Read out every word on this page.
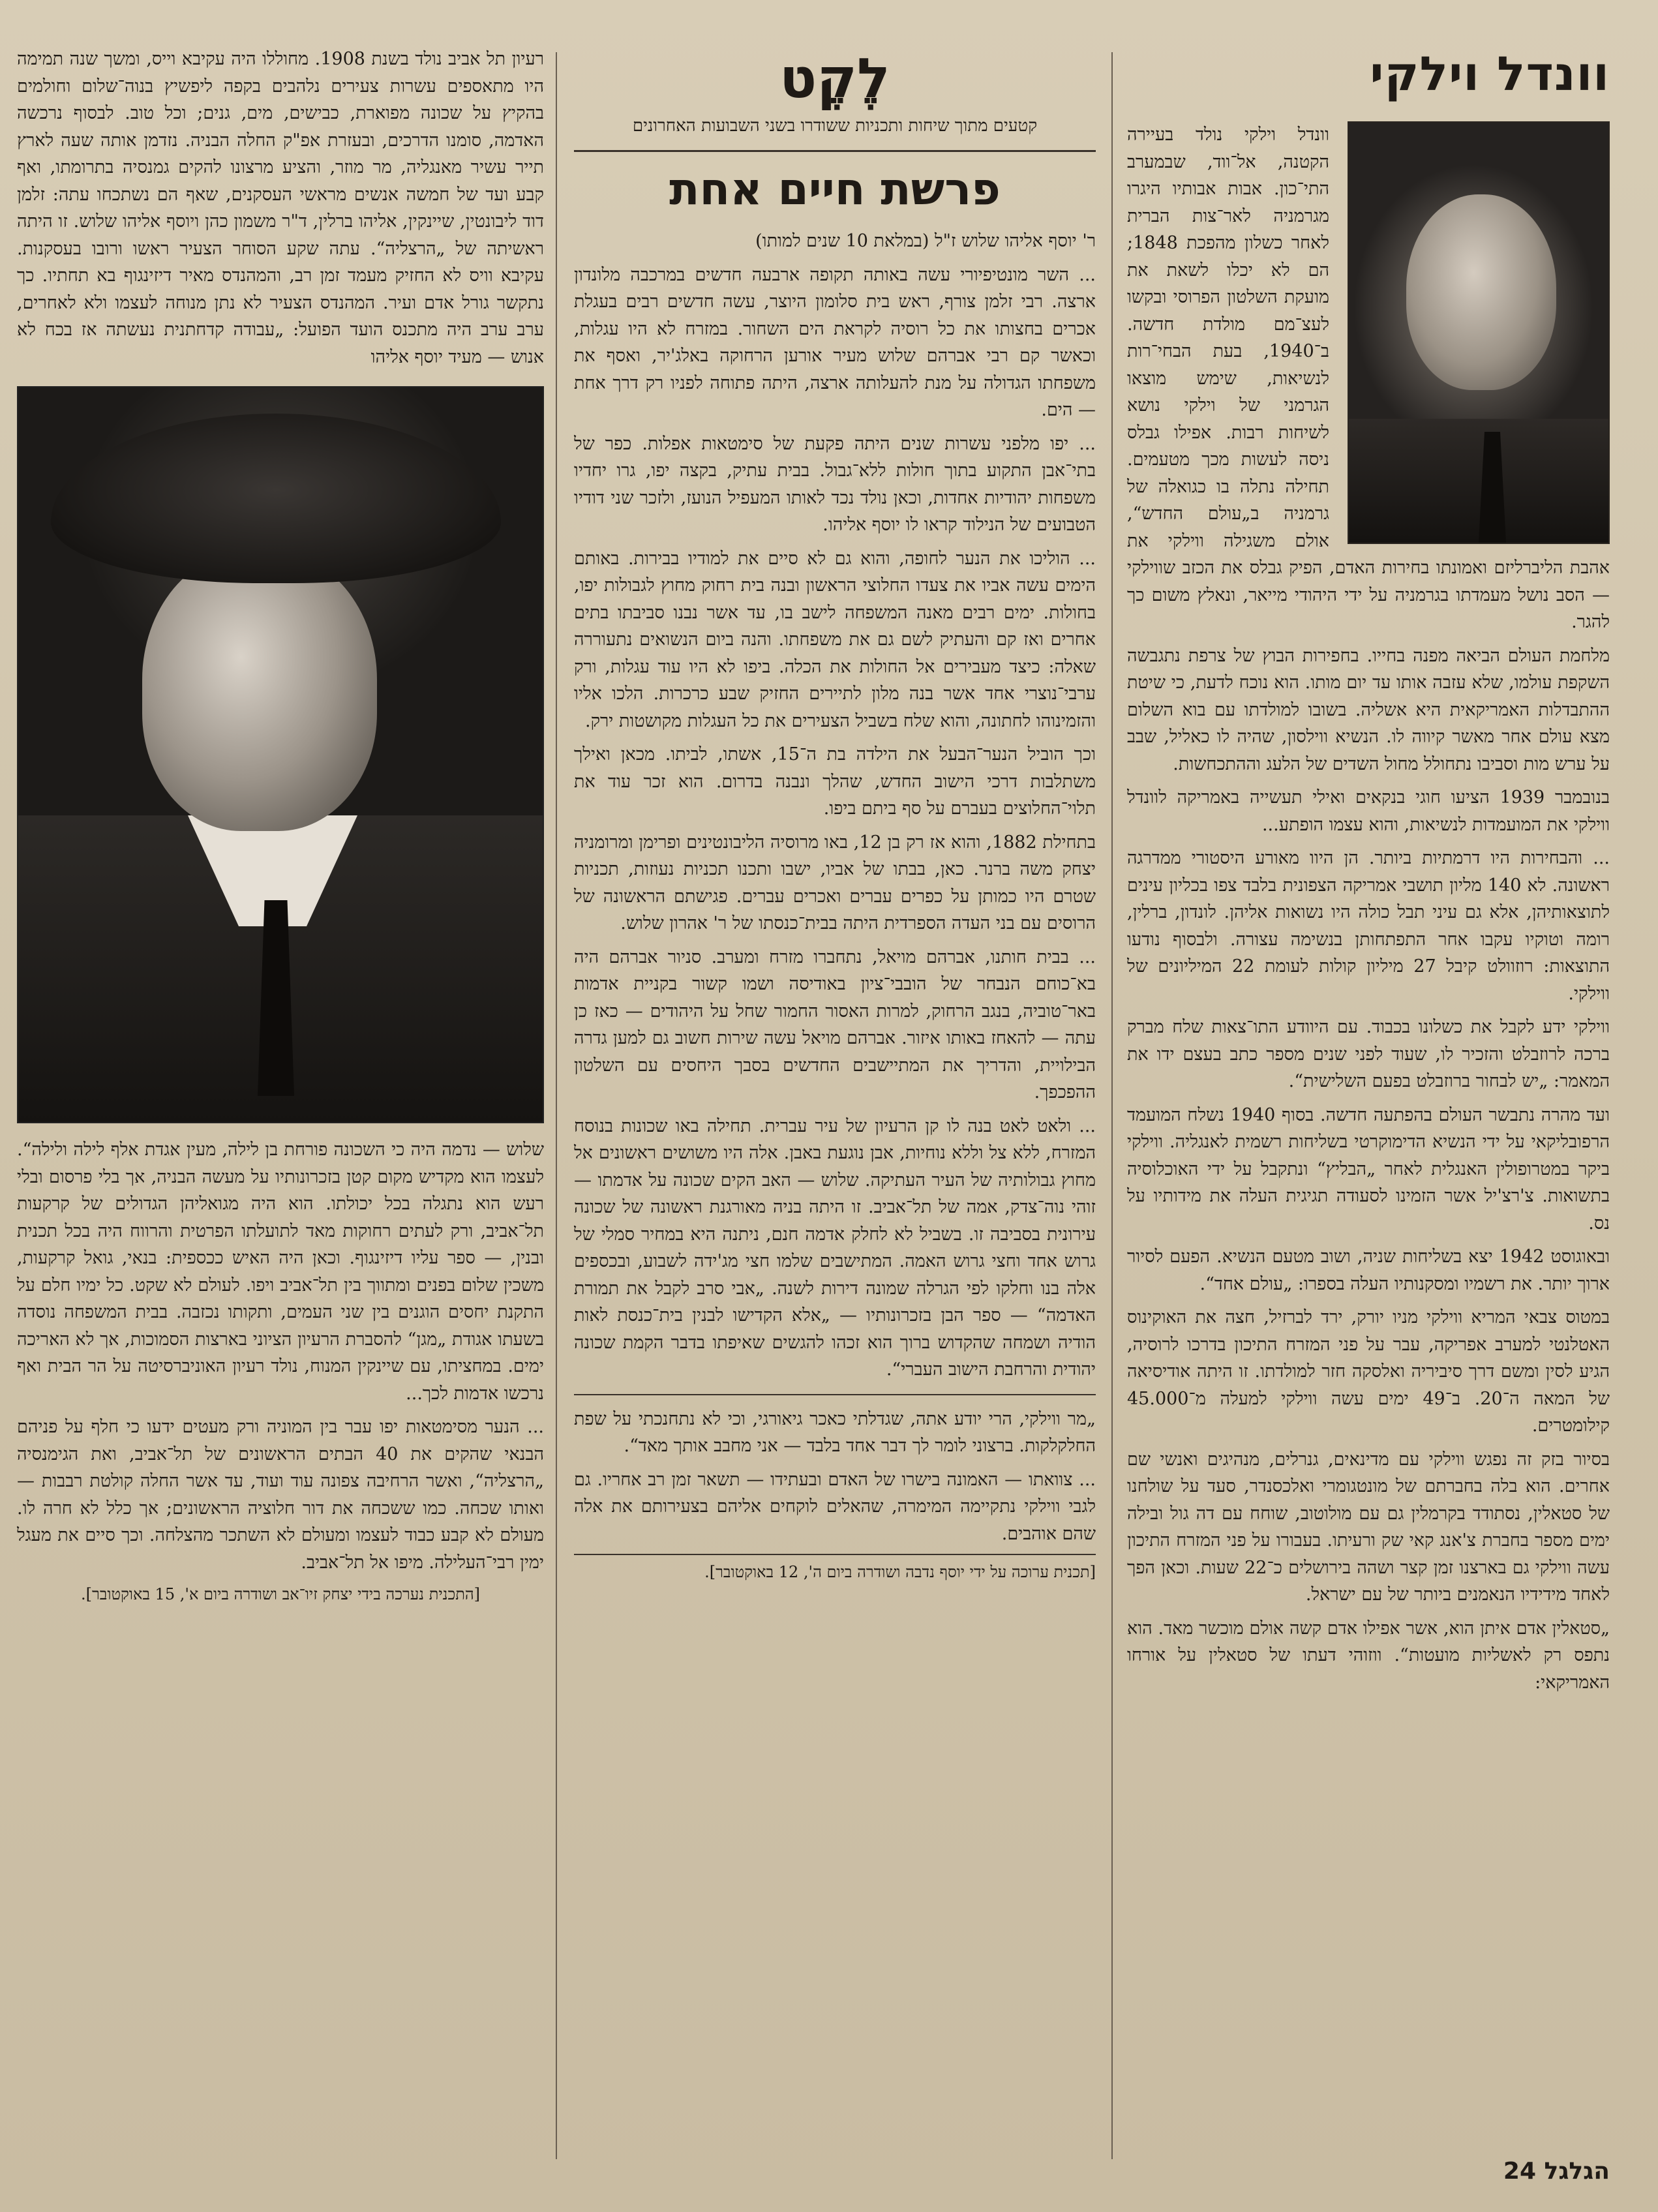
וונדל וילקי

וונדל וילקי נולד בעיירה הקטנה, אל־ווד, שבמערב התי־כון. אבות אבותיו היגרו מגרמניה לאר־צות הברית לאחר כשלון מהפכת 1848; הם לא יכלו לשאת את מועקת השלטון הפרוסי ובקשו לעצ־מם מולדת חדשה. ב־1940, בעת הבחי־רות לנשיאות, שימש מוצאו הגרמני של וילקי נושא לשיחות רבות. אפילו גבלס ניסה לעשות מכך מטעמים. תחילה נתלה בו כגואלה של גרמניה ב„עולם החדש“, אולם משגילה ווילקי את אהבת הליברליזם ואמונתו בחירות האדם, הפיק גבלס את הכזב שווילקי — הסב נושל מעמדתו בגרמניה על ידי היהודי מייאר, ונאלץ משום כך להגר.

מלחמת העולם הביאה מפנה בחייו. בחפירות הבוץ של צרפת נתגבשה השקפת עולמו, שלא עזבה אותו עד יום מותו. הוא נוכח לדעת, כי שיטת ההתבדלות האמריקאית היא אשליה. בשובו למולדתו עם בוא השלום מצא עולם אחר מאשר קיווה לו. הנשיא ווילסון, שהיה לו כאליל, שבב על ערש מות וסביבו נתחולל מחול השדים של הלעג וההתכחשות.

בנובמבר 1939 הציעו חוגי בנקאים ואילי תעשייה באמריקה לוונדל ווילקי את המועמדות לנשיאות, והוא עצמו הופתע...

... והבחירות היו דרמתיות ביותר. הן היוו מאורע היסטורי ממדרגה ראשונה. לא 140 מליון תושבי אמריקה הצפונית בלבד צפו בכליון עינים לתוצאותיהן, אלא גם עיני תבל כולה היו נשואות אליהן. לונדון, ברלין, רומה וטוקיו עקבו אחר התפתחותן בנשימה עצורה. ולבסוף נודעו התוצאות: רוזוולט קיבל 27 מיליון קולות לעומת 22 המיליונים של ווילקי.

ווילקי ידע לקבל את כשלונו בכבוד. עם היוודע התו־צאות שלח מברק ברכה לרוזבלט והזכיר לו, שעוד לפני שנים מספר כתב בעצם ידו את המאמר: „יש לבחור ברוזבלט בפעם השלישית“.

ועד מהרה נתבשר העולם בהפתעה חדשה. בסוף 1940 נשלח המועמד הרפובליקאי על ידי הנשיא הדימוקרטי בשליחות רשמית לאנגליה. ווילקי ביקר במטרופולין האנגלית לאחר „הבליץ“ ונתקבל על ידי האוכלוסיה בתשואות. צ'רצ'יל אשר הזמינו לסעודה תגיגית העלה את מידותיו על נס.

ובאוגוסט 1942 יצא בשליחות שניה, ושוב מטעם הנשיא. הפעם לסיור ארוך יותר. את רשמיו ומסקנותיו העלה בספרו: „עולם אחד“.

במטוס צבאי המריא ווילקי מניו יורק, ירד לברזיל, חצה את האוקינוס האטלנטי למערב אפריקה, עבר על פני המזרח התיכון בדרכו לרוסיה, הגיע לסין ומשם דרך סיביריה ואלסקה חזר למולדתו. זו היתה אודיסיאה של המאה ה־20. ב־49 ימים עשה ווילקי למעלה מ־45.000 קילומטרים.

בסיור בזק זה נפגש ווילקי עם מדינאים, גנרלים, מנהיגים ואנשי שם אחרים. הוא בלה בחברתם של מונטגומרי ואלכסנדר, סעד על שולחנו של סטאלין, נסתודד בקרמלין גם עם מולוטוב, שוחח עם דה גול ובילה ימים מספר בחברת צ'אנג קאי שק ורעיתו. בעבורו על פני המזרח התיכון עשה ווילקי גם בארצנו זמן קצר ושהה בירושלים כ־22 שעות. וכאן הפך לאחד מידידיו הנאמנים ביותר של עם ישראל.

„סטאלין אדם איתן הוא, אשר אפילו אדם קשה אולם מוכשר מאד. הוא נתפס רק לאשליות מועטות“. ווזוהי דעתו של סטאלין על אורחו האמריקאי:

לֶקֶט
קטעים מתוך שיחות ותכניות ששודרו בשני השבועות האחרונים
פרשת חיים אחת

ר' יוסף אליהו שלוש ז"ל (במלאת 10 שנים למותו)

... השר מונטיפיורי עשה באותה תקופה ארבעה חדשים במרכבה מלונדון ארצה. רבי זלמן צורף, ראש בית סלומון היוצר, עשה חדשים רבים בעגלת אכרים בחצותו את כל רוסיה לקראת הים השחור. במזרח לא היו עגלות, וכאשר קם רבי אברהם שלוש מעיר אורען הרחוקה באלג'יר, ואסף את משפחתו הגדולה על מנת להעלותה ארצה, היתה פתוחה לפניו רק דרך אחת — הים.

... יפו מלפני עשרות שנים היתה פקעת של סימטאות אפלות. כפר של בתי־אבן התקוע בתוך חולות ללא־גבול. בבית עתיק, בקצה יפו, גרו יחדיו משפחות יהודיות אחדות, וכאן נולד נכד לאותו המעפיל הנועז, ולזכר שני דודיו הטבועים של הנילוד קראו לו יוסף אליהו.

... הוליכו את הנער לחופה, והוא גם לא סיים את למודיו בבירות. באותם הימים עשה אביו את צעדו החלוצי הראשון ובנה בית רחוק מחוץ לגבולות יפו, בחולות. ימים רבים מאנה המשפחה לישב בו, עד אשר נבנו סביבתו בתים אחרים ואז קם והעתיק לשם גם את משפחתו. והנה ביום הנשואים נתעוררה שאלה: כיצד מעבירים אל החולות את הכלה. ביפו לא היו עוד עגלות, ורק ערבי־נוצרי אחד אשר בנה מלון לתיירים החזיק שבע כרכרות. הלכו אליו והזמינוהו לחתונה, והוא שלח בשביל הצעירים את כל העגלות מקושטות ירק.

וכך הוביל הנער־הבעל את הילדה בת ה־15, אשתו, לביתו. מכאן ואילך משתלבות דרכי הישוב החדש, שהלך ונבנה בדרום. הוא זכר עוד את תלוי־החלוצים בעברם על סף ביתם ביפו.

בתחילת 1882, והוא אז רק בן 12, באו מרוסיה הליבונטינים ופרימן ומרומניה יצחק משה ברנר. כאן, בבתו של אביו, ישבו ותכנו תכניות נעוזות, תכניות שטרם היו כמותן על כפרים עברים ואכרים עברים. פגישתם הראשונה של הרוסים עם בני העדה הספרדית היתה בבית־כנסתו של ר' אהרון שלוש.

... בבית חותנו, אברהם מויאל, נתחברו מזרח ומערב. סניור אברהם היה בא־כוחם הנבחר של הובבי־ציון באודיסה ושמו קשור בקניית אדמות באר־טוביה, בנגב הרחוק, למרות האסור החמור שחל על היהודים — כאז כן עתה — להאחז באותו איזור. אברהם מויאל עשה שירות חשוב גם למען גדרה הבילויית, והדריך את המתיישבים החדשים בסבך היחסים עם השלטון ההפכפך.

... ולאט לאט בנה לו קן הרעיון של עיר עברית. תחילה באו שכונות בנוסח המזרח, ללא צל וללא נוחיות, אבן נוגעת באבן. אלה היו משושים ראשונים אל מחוץ גבולותיה של העיר העתיקה. שלוש — האב הקים שכונה על אדמתו — זוהי נוה־צדק, אמה של תל־אביב. זו היתה בניה מאורגנת ראשונה של שכונה עירונית בסביבה זו. בשביל לא לחלק אדמה חנם, ניתנה היא במחיר סמלי של גרוש אחד וחצי גרוש האמה. המתישבים שלמו חצי מג'ידה לשבוע, ובכספים אלה בנו וחלקו לפי הגרלה שמונה דירות לשנה. „אבי סרב לקבל את תמורת האדמה“ — ספר הבן בזכרונותיו — „אלא הקדישו לבנין בית־כנסת לאות הודיה ושמחה שהקדוש ברוך הוא זכהו להגשים שאיפתו בדבר הקמת שכונה יהודית והרחבת הישוב העברי“.

„מר ווילקי, הרי יודע אתה, שגדלתי כאכר גיאורגי, וכי לא נתחנכתי על שפת החלקלקות. ברצוני לומר לך דבר אחד בלבד — אני מחבב אותך מאד“.

... צוואתו — האמונה בישרו של האדם ובעתידו — תשאר זמן רב אחריו. גם לגבי ווילקי נתקיימה המימרה, שהאלים לוקחים אליהם בצעירותם את אלה שהם אוהבים.

[תכנית ערוכה על ידי יוסף נדבה ושודרה ביום ה', 12 באוקטובר].

רעיון תל אביב נולד בשנת 1908. מחוללו היה עקיבא וייס, ומשך שנה תמימה היו מתאספים עשרות צעירים נלהבים בקפה ליפשיץ בנוה־שלום וחולמים בהקיץ על שכונה מפוארת, כבישים, מים, גנים; וכל טוב. לבסוף נרכשה האדמה, סומנו הדרכים, ובעזרת אפ"ק החלה הבניה. נזדמן אותה שעה לארץ תייר עשיר מאנגליה, מר מוזר, והציע מרצונו להקים גמנסיה בתרומתו, ואף קבע ועד של חמשה אנשים מראשי העסקנים, שאף הם נשתכחו עתה: זלמן דוד ליבונטין, שיינקין, אליהו ברלין, ד"ר משמון כהן ויוסף אליהו שלוש. זו היתה ראשיתה של „הרצליה“. עתה שקע הסוחר הצעיר ראשו ורובו בעסקנות. עקיבא וויס לא החזיק מעמד זמן רב, והמהנדס מאיר דיזינגוף בא תחתיו. כך נתקשר גורל אדם ועיר. המהנדס הצעיר לא נתן מנוחה לעצמו ולא לאחרים, ערב ערב היה מתכנס הועד הפועל: „עבודה קדחתנית נעשתה אז בכח לא אנוש — מעיד יוסף אליהו

שלוש — נדמה היה כי השכונה פורחת בן לילה, מעין אגדת אלף לילה ולילה“. לעצמו הוא מקדיש מקום קטן בזכרונותיו על מעשה הבניה, אך בלי פרסום ובלי רעש הוא נתגלה בכל יכולתו. הוא היה מגואליהן הגדולים של קרקעות תל־אביב, ורק לעתים רחוקות מאד לתועלתו הפרטית והרווח היה בכל תכנית ובנין, — ספר עליו דיזינגוף. וכאן היה האיש ככספית: בנאי, גואל קרקעות, משכין שלום בפנים ומתווך בין תל־אביב ויפו. לעולם לא שקט. כל ימיו חלם על התקנת יחסים הוגנים בין שני העמים, ותקותו נכזבה. בבית המשפחה נוסדה בשעתו אגודת „מגן“ להסברת הרעיון הציוני בארצות הסמוכות, אך לא האריכה ימים. במחציתו, עם שיינקין המנוח, נולד רעיון האוניברסיטה על הר הבית ואף נרכשו אדמות לכך...

... הנער מסימטאות יפו עבר בין המוניה ורק מעטים ידעו כי חלף על פניהם הבנאי שהקים את 40 הבתים הראשונים של תל־אביב, ואת הגימנסיה „הרצליה“, ואשר הרחיבה צפונה עוד ועוד, עד אשר החלה קולטת רבבות — ואותו שכחה. כמו ששכחה את דור חלוציה הראשונים; אך כלל לא חרה לו. מעולם לא קבע כבוד לעצמו ומעולם לא השתכר מהצלחה. וכך סיים את מעגל ימין רבי־העלילה. מיפו אל תל־אביב.

[התכנית נערכה בידי יצחק זיו־אב ושודרה ביום א', 15 באוקטובר].
הגלגל 24
